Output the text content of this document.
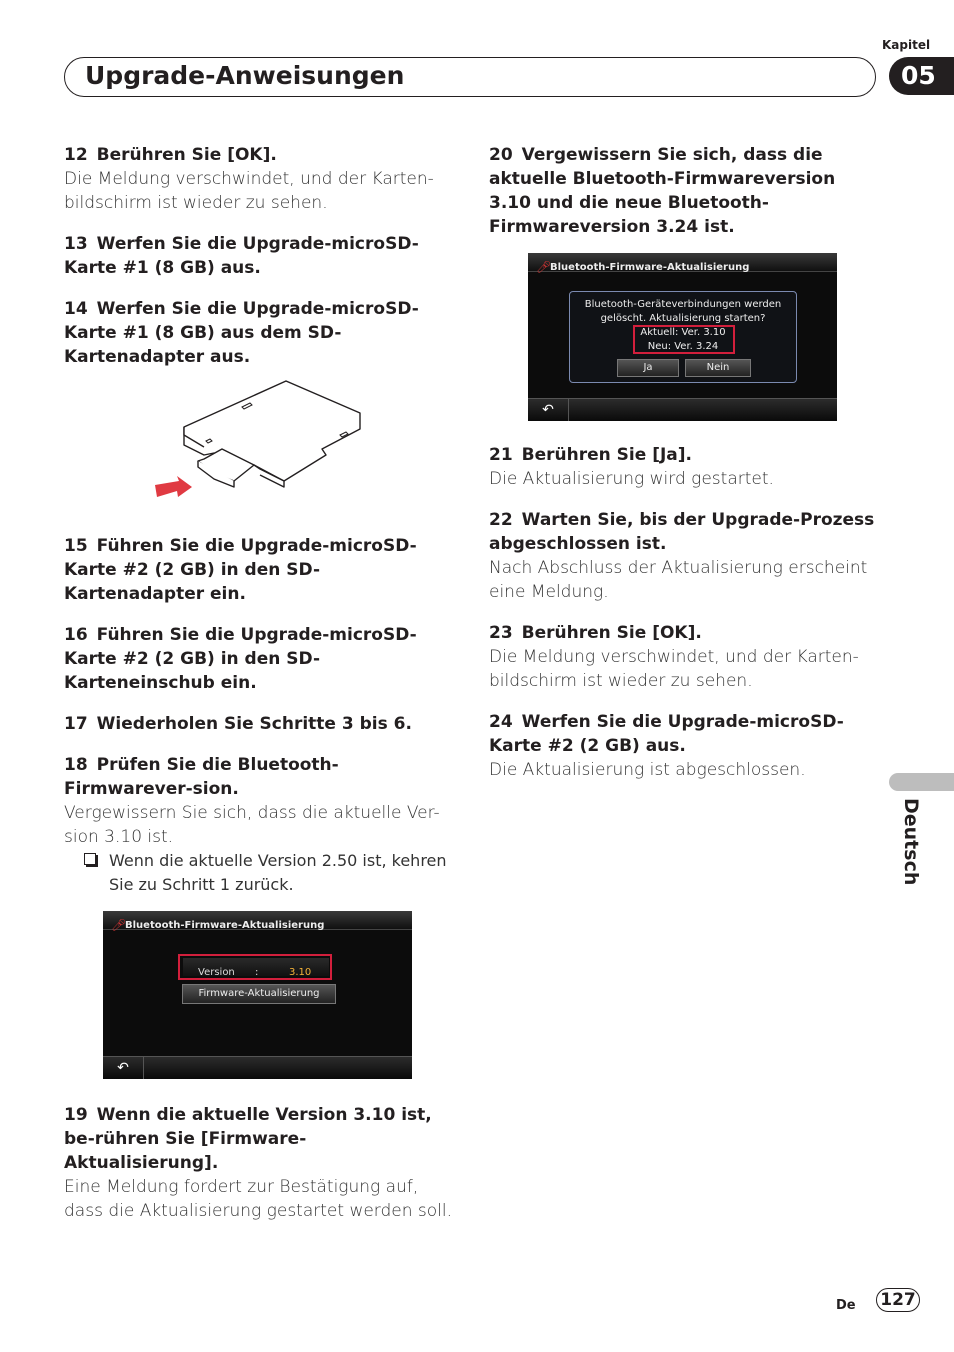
Kapitel
Upgrade-Anweisungen	05

12 Berühren Sie [OK].

Die Meldung verschwindet, und der Karten-bildschirm ist wieder zu sehen.

13 Werfen Sie die Upgrade-microSD-Karte #1 (8 GB) aus.

14 Werfen Sie die Upgrade-microSD-Karte #1 (8 GB) aus dem SD-Kartenadapter aus.

15 Führen Sie die Upgrade-microSD-Karte #2 (2 GB) in den SD-Kartenadapter ein.

16 Führen Sie die Upgrade-microSD-Karte #2 (2 GB) in den SD-Karteneinschub ein.

17 Wiederholen Sie Schritte 3 bis 6.

18 Prüfen Sie die Bluetooth-Firmwarever-sion.

Vergewissern Sie sich, dass die aktuelle Ver-sion 3.10 ist.

Wenn die aktuelle Version 2.50 ist, kehren Sie zu Schritt 1 zurück.

🎤︎
Bluetooth-Firmware-Aktualisierung
Version :	3.10
Firmware-Aktualisierung
↶

19 Wenn die aktuelle Version 3.10 ist, be-rühren Sie [Firmware-Aktualisierung].

Eine Meldung fordert zur Bestätigung auf, dass die Aktualisierung gestartet werden soll.

20 Vergewissern Sie sich, dass die aktuelle Bluetooth-Firmwareversion 3.10 und die neue Bluetooth-Firmwareversion 3.24 ist.

🎤︎
Bluetooth-Firmware-Aktualisierung
Bluetooth-Geräteverbindungen werden
gelöscht. Aktualisierung starten?
Aktuell: Ver. 3.10
Neu: Ver. 3.24
Ja	Nein
↶

21 Berühren Sie [Ja].

Die Aktualisierung wird gestartet.

22 Warten Sie, bis der Upgrade-Prozess abgeschlossen ist.

Nach Abschluss der Aktualisierung erscheint eine Meldung.

23 Berühren Sie [OK].

Die Meldung verschwindet, und der Karten-bildschirm ist wieder zu sehen.

24 Werfen Sie die Upgrade-microSD-Karte #2 (2 GB) aus.

Die Aktualisierung ist abgeschlossen.

Deutsch
De 127
